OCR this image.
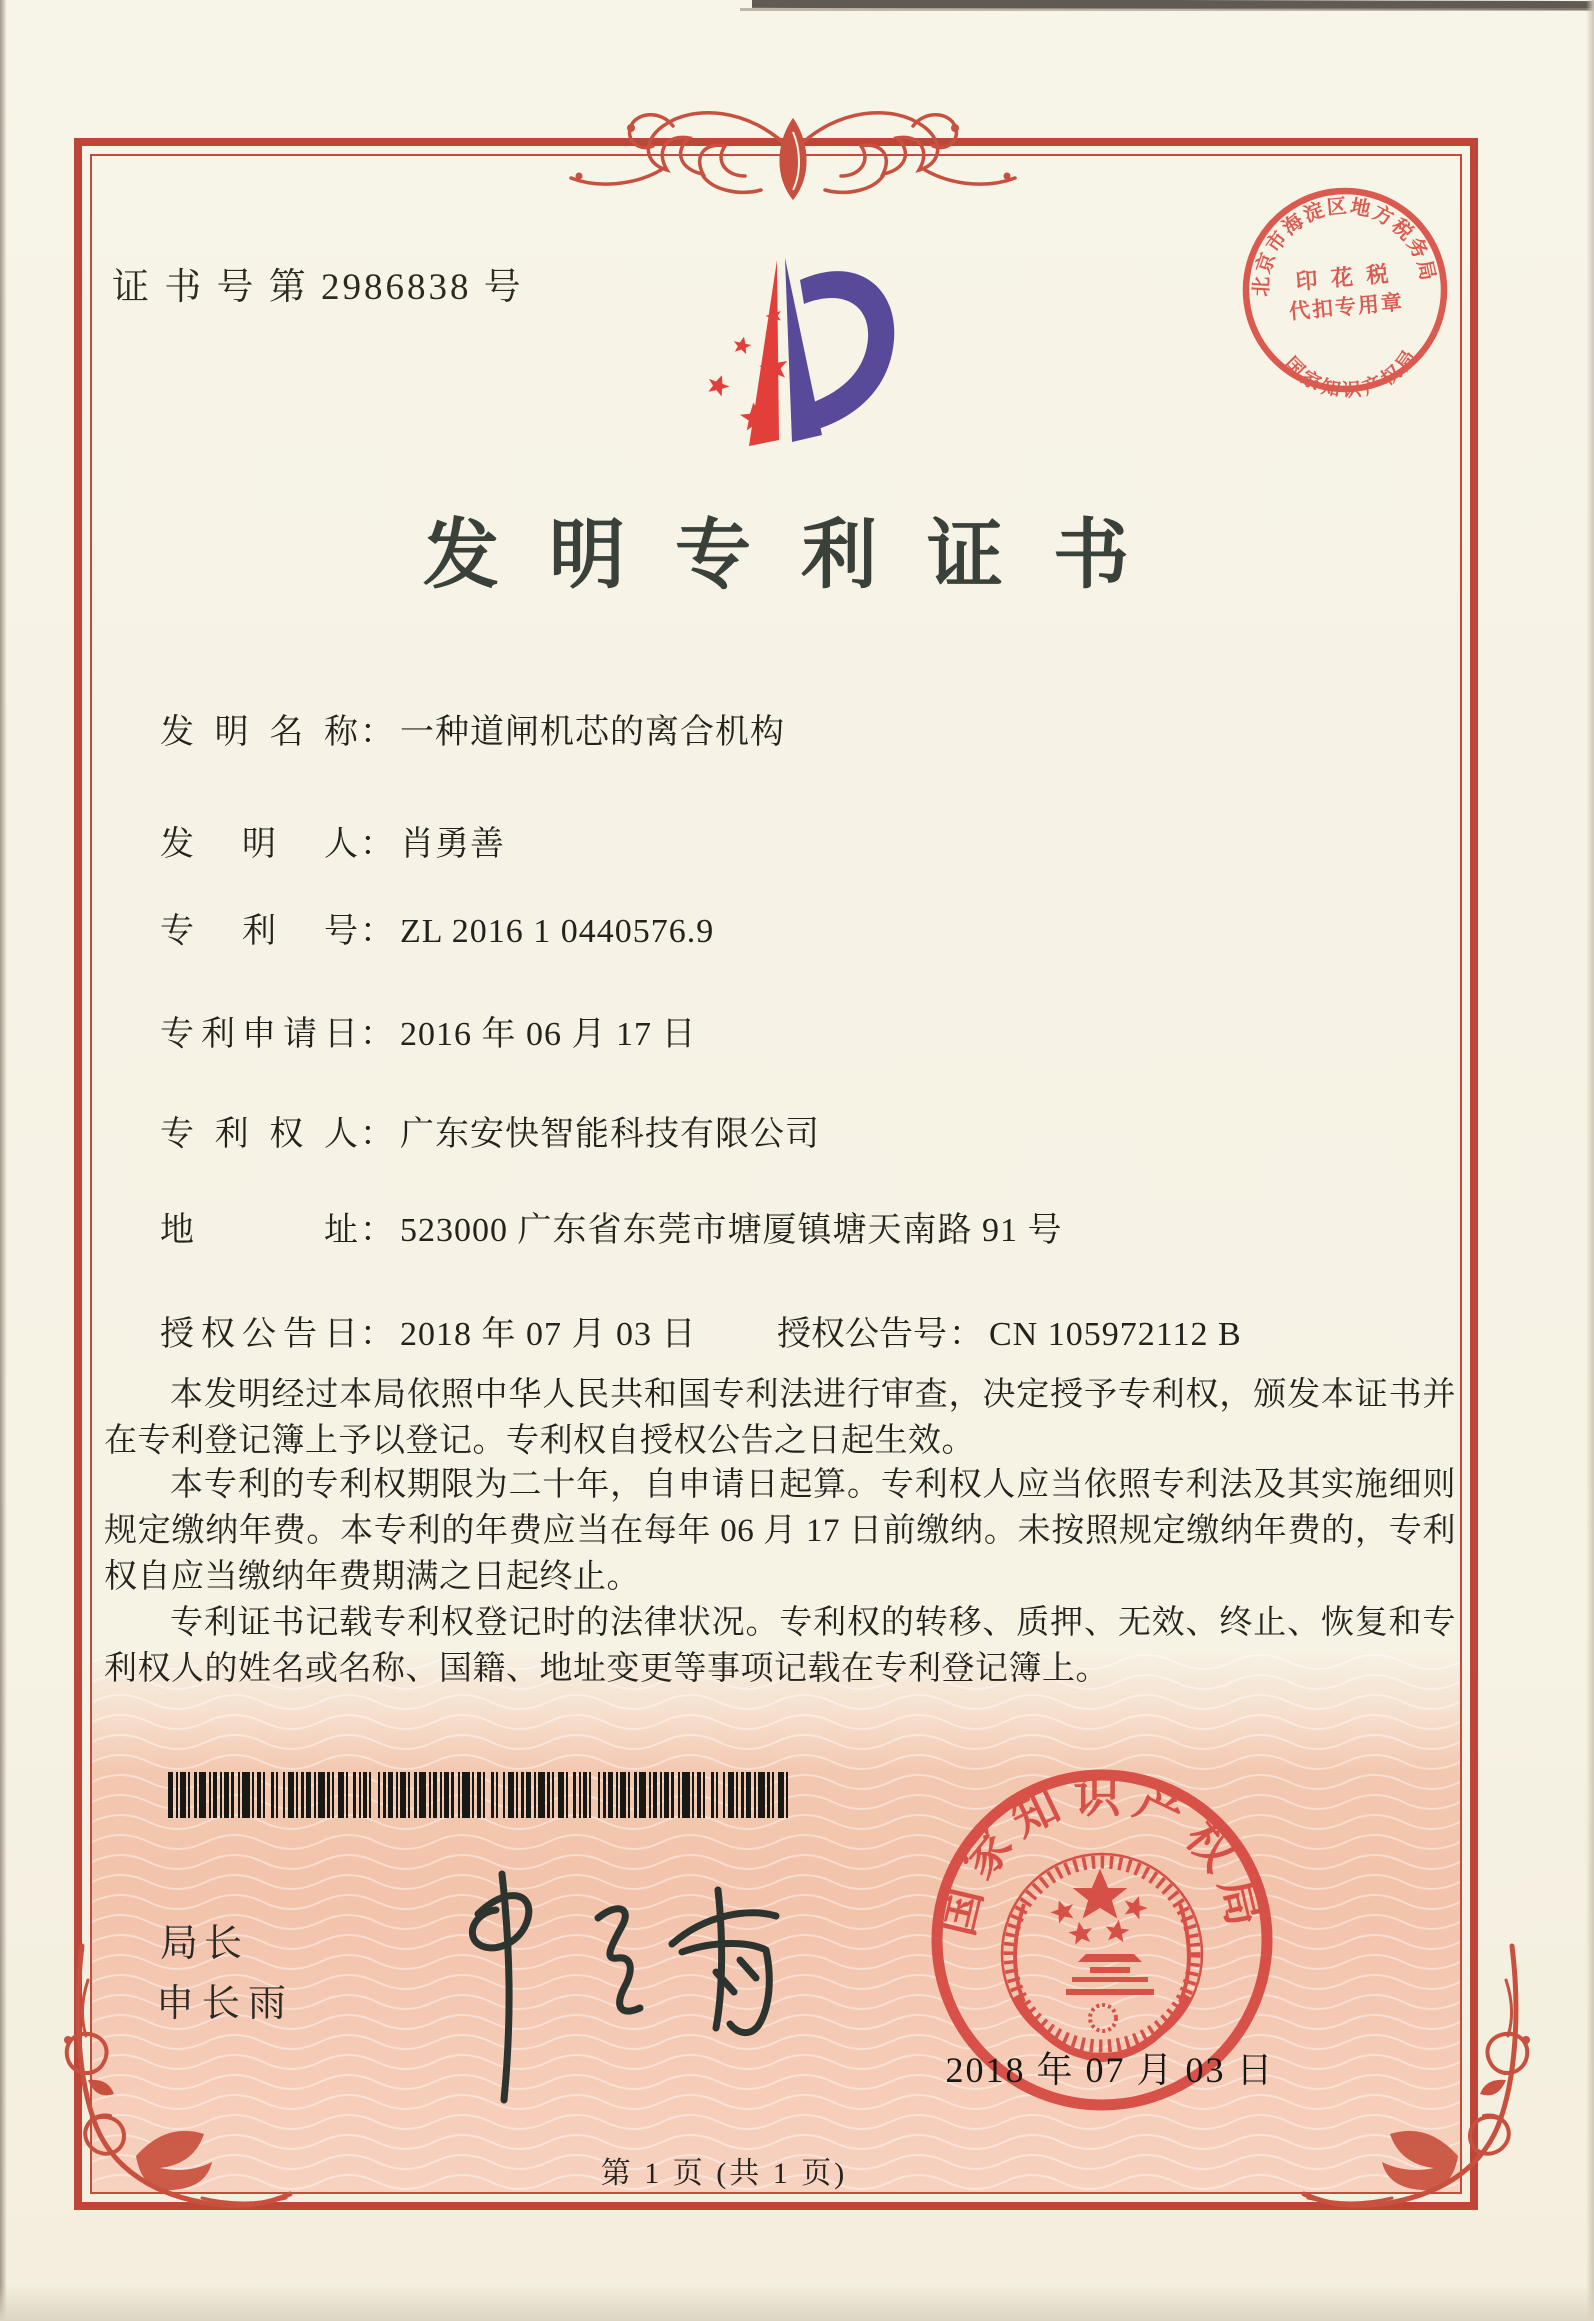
证 书 号 第 2986838 号	北京市海淀区地方税务局
国家知识产权局
印 花 税
代扣专用章
发明专利证书
发明名称： 一种道闸机芯的离合机构
发明人： 肖勇善
专利号： ZL 2016 1 0440576.9
专利申请日： 2016 年 06 月 17 日
专利权人： 广东安快智能科技有限公司
地址： 523000 广东省东莞市塘厦镇塘天南路 91 号
授权公告日： 2018 年 07 月 03 日 授权公告号： CN 105972112 B
本发明经过本局依照中华人民共和国专利法进行审查，决定授予专利权，颁发本证书并在专利登记簿上予以登记。专利权自授权公告之日起生效。
本专利的专利权期限为二十年，自申请日起算。专利权人应当依照专利法及其实施细则规定缴纳年费。本专利的年费应当在每年 06 月 17 日前缴纳。未按照规定缴纳年费的，专利权自应当缴纳年费期满之日起终止。
专利证书记载专利权登记时的法律状况。专利权的转移、质押、无效、终止、恢复和专利权人的姓名或名称、国籍、地址变更等事项记载在专利登记簿上。
局长
申长雨
国家知识产权局
2018 年 07 月 03 日
第 1 页 (共 1 页)
